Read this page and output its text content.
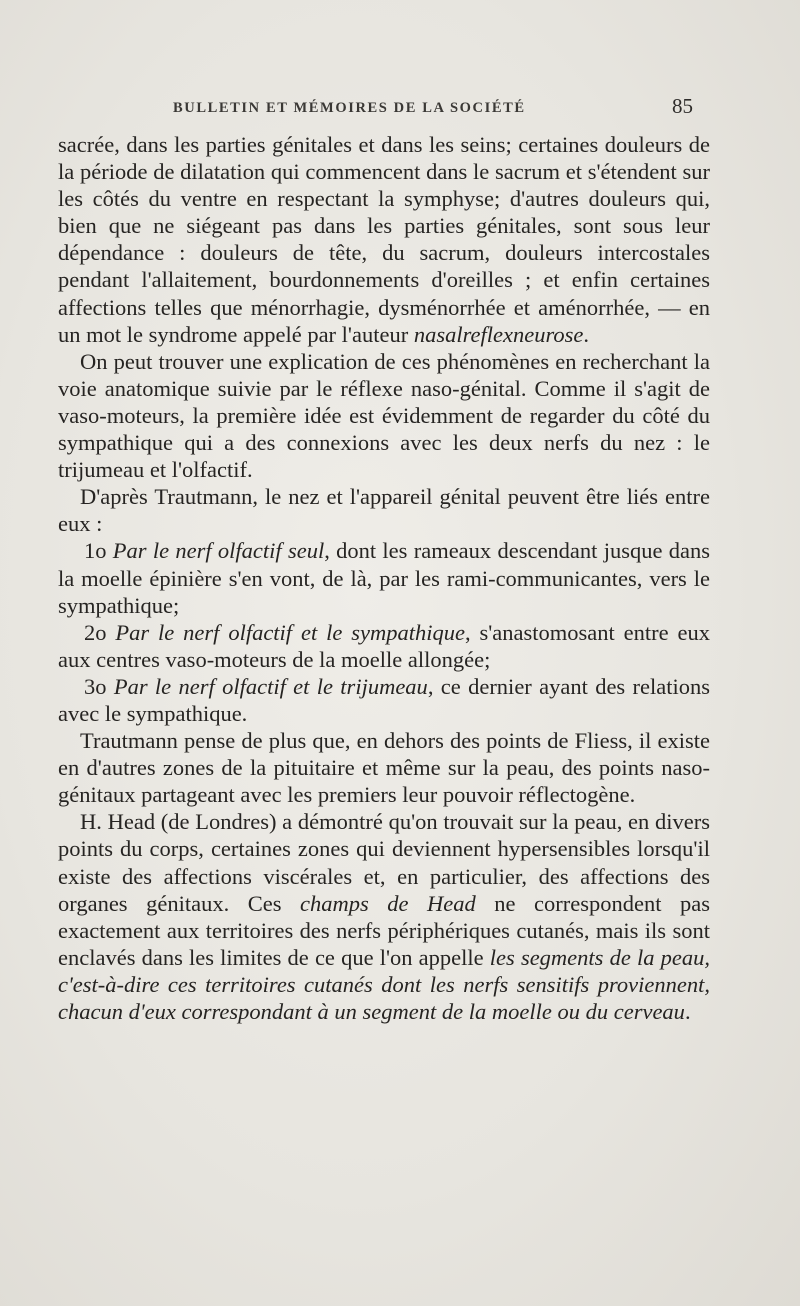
BULLETIN ET MÉMOIRES DE LA SOCIÉTÉ	85

sacrée, dans les parties génitales et dans les seins; certaines douleurs de la période de dilatation qui commencent dans le sacrum et s'étendent sur les côtés du ventre en respectant la symphyse; d'autres douleurs qui, bien que ne siégeant pas dans les parties génitales, sont sous leur dépendance : douleurs de tête, du sacrum, douleurs intercostales pendant l'allaitement, bourdonnements d'oreilles ; et enfin certaines affections telles que ménorrhagie, dysménorrhée et aménorrhée, — en un mot le syndrome appelé par l'auteur nasalreflexneurose.

On peut trouver une explication de ces phénomènes en recherchant la voie anatomique suivie par le réflexe naso-génital. Comme il s'agit de vaso-moteurs, la première idée est évidemment de regarder du côté du sympathique qui a des connexions avec les deux nerfs du nez : le trijumeau et l'olfactif.

D'après Trautmann, le nez et l'appareil génital peuvent être liés entre eux :

1o Par le nerf olfactif seul, dont les rameaux descendant jusque dans la moelle épinière s'en vont, de là, par les rami-communicantes, vers le sympathique;

2o Par le nerf olfactif et le sympathique, s'anastomosant entre eux aux centres vaso-moteurs de la moelle allongée;

3o Par le nerf olfactif et le trijumeau, ce dernier ayant des relations avec le sympathique.

Trautmann pense de plus que, en dehors des points de Fliess, il existe en d'autres zones de la pituitaire et même sur la peau, des points naso-génitaux partageant avec les premiers leur pouvoir réflectogène.

H. Head (de Londres) a démontré qu'on trouvait sur la peau, en divers points du corps, certaines zones qui deviennent hypersensibles lorsqu'il existe des affections viscérales et, en particulier, des affections des organes génitaux. Ces champs de Head ne correspondent pas exactement aux territoires des nerfs périphériques cutanés, mais ils sont enclavés dans les limites de ce que l'on appelle les segments de la peau, c'est-à-dire ces territoires cutanés dont les nerfs sensitifs proviennent, chacun d'eux correspondant à un segment de la moelle ou du cerveau.
